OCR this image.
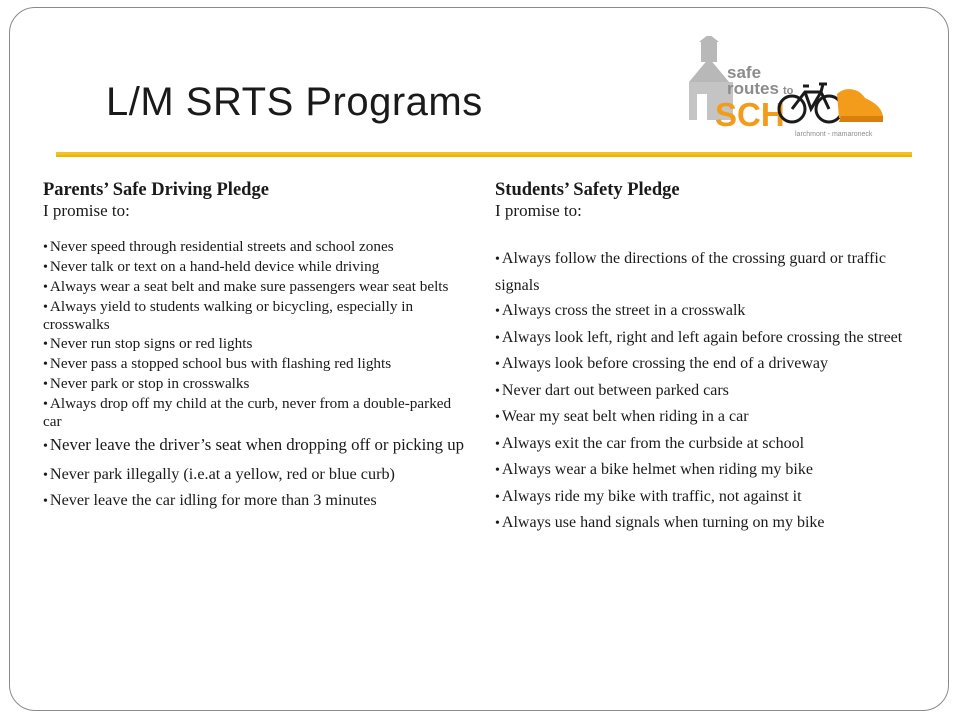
L/M SRTS Programs
safe
routes to
SCH
larchmont - mamaroneck

Parents’ Safe Driving Pledge

I promise to:

• Never speed through residential streets and school zones
• Never talk or text on a hand-held device while driving
• Always wear a seat belt and make sure passengers wear seat belts
• Always yield to students walking or bicycling, especially in crosswalks
• Never run stop signs or red lights
• Never pass a stopped school bus with flashing red lights
• Never park or stop in crosswalks
• Always drop off my child at the curb, never from a double-parked car
• Never leave the driver’s seat when dropping off or picking up
• Never park illegally (i.e.at a yellow, red or blue curb)
• Never leave the car idling for more than 3 minutes

Students’ Safety Pledge

I promise to:

• Always follow the directions of the crossing guard or traffic signals
• Always cross the street in a crosswalk
• Always look left, right and left again before crossing the street
• Always look before crossing the end of a driveway
• Never dart out between parked cars
• Wear my seat belt when riding in a car
• Always exit the car from the curbside at school
• Always wear a bike helmet when riding my bike
• Always ride my bike with traffic, not against it
• Always use hand signals when turning on my bike
